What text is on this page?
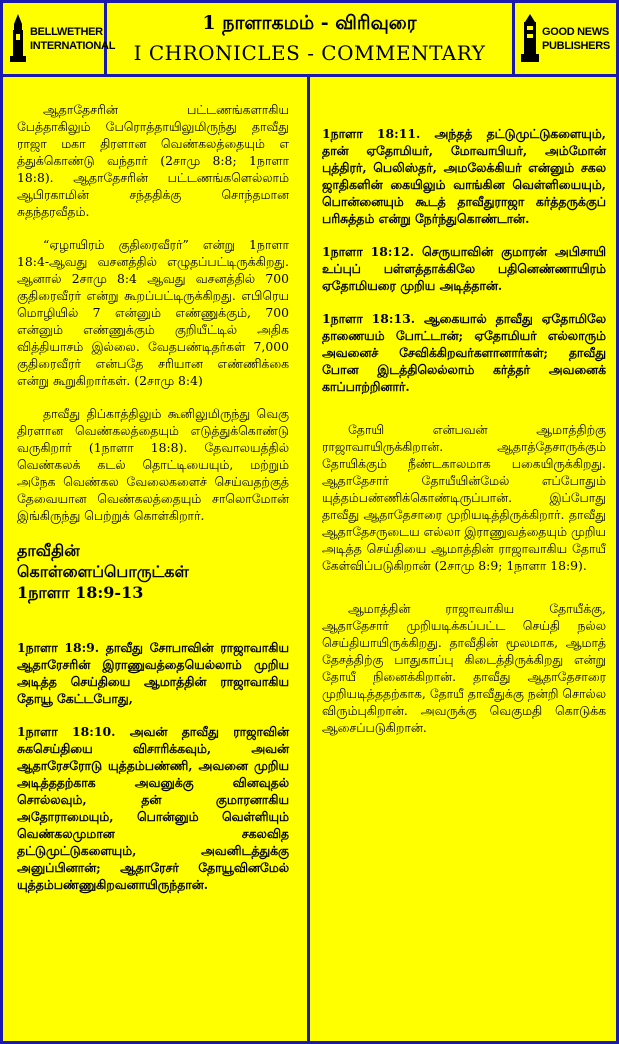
BELLWETHER
INTERNATIONAL
1 நாளாகமம் - விரிவுரை
I CHRONICLES - COMMENTARY
GOOD NEWS
PUBLISHERS

ஆதாதேசரின் பட்டணங்களாகிய பேத்தாகிலும் பேரொத்தாயிலுமிருந்து தாவீது ராஜா மகா திரளான வெண்கலத்தையும் எ த்துக்கொண்டு வந்தார் (2சாமு 8:8; 1நாளா 18:8). ஆதாதேசரின் பட்டணங்களெல்லாம் ஆபிரகாமின் சந்ததிக்கு சொந்தமான சுதந்தரவீதம்.

“ஏழாயிரம் குதிரைவீரர்” என்று 1நாளா 18:4-ஆவது வசனத்தில் எழுதப்பட்டிருக்கிறது. ஆனால் 2சாமு 8:4 ஆவது வசனத்தில் 700 குதிரைவீரர் என்று கூறப்பட்டிருக்கிறது. எபிரெய மொழியில் 7 என்னும் எண்ணுக்கும், 700 என்னும் எண்ணுக்கும் குறியீட்டில் அதிக வித்தியாசம் இல்லை. வேதபண்டிதர்கள் 7,000 குதிரைவீரர் என்பதே சரியான எண்ணிக்கை என்று கூறுகிறார்கள். (2சாமு 8:4)

தாவீது திப்காத்திலும் கூனிலுமிருந்து வெகு திரளான வெண்கலத்தையும் எடுத்துக்கொண்டு வருகிறார் (1நாளா 18:8). தேவாலயத்தில் வெண்கலக் கடல் தொட்டியையும், மற்றும் அநேக வெண்கல வேலைகளைச் செய்வதற்குத் தேவையான வெண்கலத்தையும் சாலொமோன் இங்கிருந்து பெற்றுக் கொள்கிறார்.

தாவீதின்
கொள்ளைப்பொருட்கள்
1நாளா 18:9-13

1நாளா 18:9. தாவீது சோபாவின் ராஜாவாகிய ஆதாரேசரின் இராணுவத்தையெல்லாம் முறிய அடித்த செய்தியை ஆமாத்தின் ராஜாவாகிய தோயூ கேட்டபோது,

1நாளா 18:10. அவன் தாவீது ராஜாவின் சுகசெய்தியை விசாரிக்கவும், அவன் ஆதாரேசரோடு யுத்தம்பண்ணி, அவனை முறிய அடித்ததற்காக அவனுக்கு வினவுதல் சொல்லவும், தன் குமாரனாகிய அதோராமையும், பொன்னும் வெள்ளியும் வெண்கலமுமான சகலவித தட்டுமுட்டுகளையும், அவனிடத்துக்கு அனுப்பினான்; ஆதாரேசர் தோயூவினமேல் யுத்தம்பண்ணுகிறவனாயிருந்தான்.

1நாளா 18:11. அந்தத் தட்டுமுட்டுகளையும், தான் ஏதோமியர், மோவாபியர், அம்மோன் புத்திரர், பெலிஸ்தர், அமலேக்கியர் என்னும் சகல ஜாதிகளின் கையிலும் வாங்கின வெள்ளியையும், பொன்னையும் கூடத் தாவீதுராஜா கர்த்தருக்குப் பரிசுத்தம் என்று நேர்ந்துகொண்டான்.

1நாளா 18:12. செருயாவின் குமாரன் அபிசாயி உப்புப் பள்ளத்தாக்கிலே பதினெண்ணாயிரம் ஏதோமியரை முறிய அடித்தான்.

1நாளா 18:13. ஆகையால் தாவீது ஏதோமிலே தாணையம் போட்டான்; ஏதோமியர் எல்லாரும் அவனைச் சேவிக்கிறவர்களானார்கள்; தாவீது போன இடத்திலெல்லாம் கர்த்தர் அவனைக் காப்பாற்றினார்.

தோயி என்பவன் ஆமாத்திற்கு ராஜாவாயிருக்கிறான். ஆதாத்தேசாருக்கும் தோயிக்கும் நீண்டகாலமாக பகையிருக்கிறது. ஆதாதேசார் தோயீயின்மேல் எப்போதும் யுத்தம்பண்ணிக்கொண்டிருப்பான். இப்போது தாவீது ஆதாதேசாரை முறியடித்திருக்கிறார். தாவீது ஆதாதேசருடைய எல்லா இராணுவத்தையும் முறிய அடித்த செய்தியை ஆமாத்தின் ராஜாவாகிய தோயீ கேள்விப்படுகிறான் (2சாமு 8:9; 1நாளா 18:9).

ஆமாத்தின் ராஜாவாகிய தோயீக்கு, ஆதாதேசார் முறியடிக்கப்பட்ட செய்தி நல்ல செய்தியாயிருக்கிறது. தாவீதின் மூலமாக, ஆமாத் தேசத்திற்கு பாதுகாப்பு கிடைத்திருக்கிறது என்று தோயீ நினைக்கிறான். தாவீது ஆதாதேசாரை முறியடித்ததற்காக, தோயீ தாவீதுக்கு நன்றி சொல்ல விரும்புகிறான். அவருக்கு வெகுமதி கொடுக்க ஆசைப்படுகிறான்.
